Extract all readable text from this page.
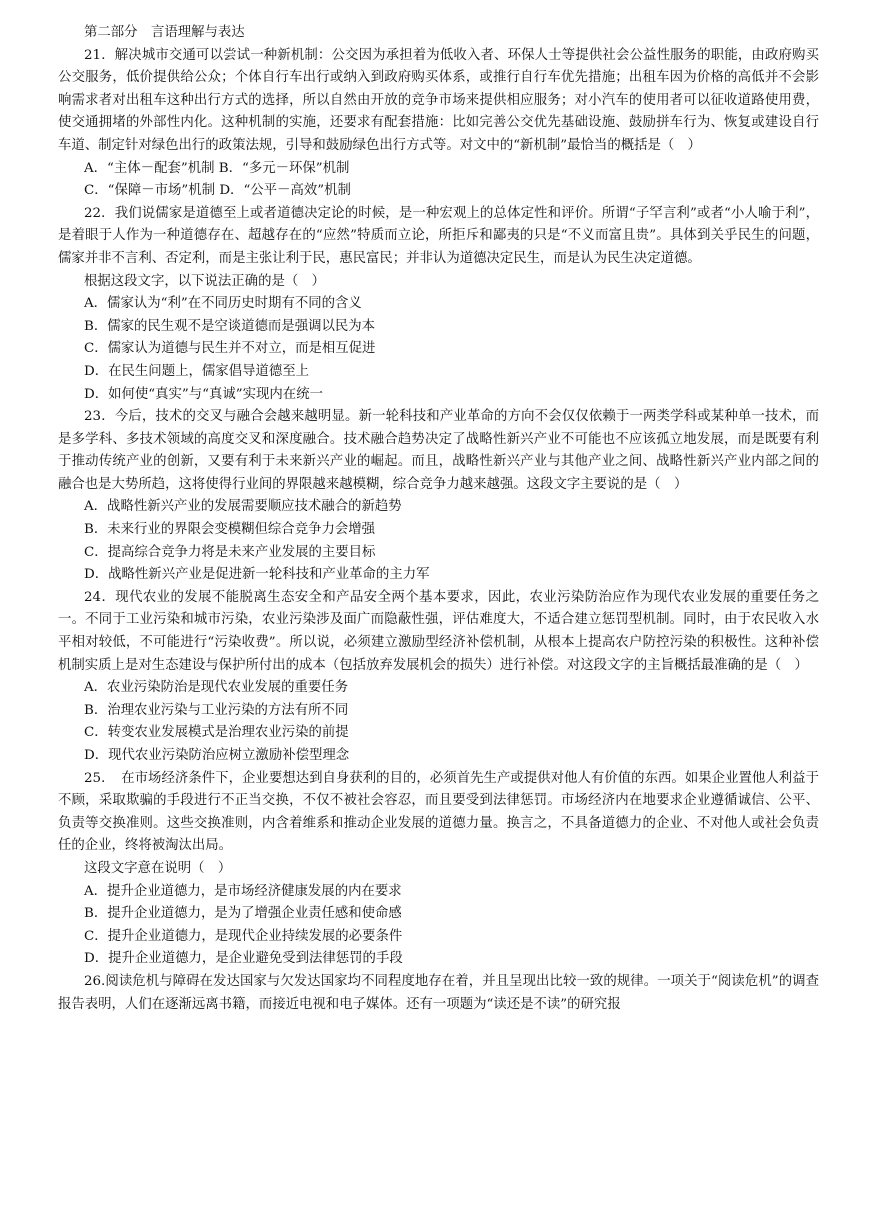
第二部分　言语理解与表达

21．解决城市交通可以尝试一种新机制：公交因为承担着为低收入者、环保人士等提供社会公益性服务的职能，由政府购买公交服务，低价提供给公众；个体自行车出行或纳入到政府购买体系，或推行自行车优先措施；出租车因为价格的高低并不会影响需求者对出租车这种出行方式的选择，所以自然由开放的竞争市场来提供相应服务；对小汽车的使用者可以征收道路使用费，使交通拥堵的外部性内化。这种机制的实施，还要求有配套措施：比如完善公交优先基础设施、鼓励拼车行为、恢复或建设自行车道、制定针对绿色出行的政策法规，引导和鼓励绿色出行方式等。对文中的“新机制”最恰当的概括是（　）

A．“主体－配套”机制 B．“多元－环保”机制
C．“保障－市场”机制 D．“公平－高效”机制

22．我们说儒家是道德至上或者道德决定论的时候，是一种宏观上的总体定性和评价。所谓“子罕言利”或者“小人喻于利”，是着眼于人作为一种道德存在、超越存在的“应然”特质而立论，所拒斥和鄙夷的只是“不义而富且贵”。具体到关乎民生的问题，儒家并非不言利、否定利，而是主张让利于民，惠民富民；并非认为道德决定民生，而是认为民生决定道德。

根据这段文字，以下说法正确的是（　）

A．儒家认为“利”在不同历史时期有不同的含义
B．儒家的民生观不是空谈道德而是强调以民为本
C．儒家认为道德与民生并不对立，而是相互促进
D．在民生问题上，儒家倡导道德至上
D．如何使“真实”与“真诚”实现内在统一

23．今后，技术的交叉与融合会越来越明显。新一轮科技和产业革命的方向不会仅仅依赖于一两类学科或某种单一技术，而是多学科、多技术领域的高度交叉和深度融合。技术融合趋势决定了战略性新兴产业不可能也不应该孤立地发展，而是既要有利于推动传统产业的创新，又要有利于未来新兴产业的崛起。而且，战略性新兴产业与其他产业之间、战略性新兴产业内部之间的融合也是大势所趋，这将使得行业间的界限越来越模糊，综合竞争力越来越强。这段文字主要说的是（　）

A．战略性新兴产业的发展需要顺应技术融合的新趋势
B．未来行业的界限会变模糊但综合竞争力会增强
C．提高综合竞争力将是未来产业发展的主要目标
D．战略性新兴产业是促进新一轮科技和产业革命的主力军

24．现代农业的发展不能脱离生态安全和产品安全两个基本要求，因此，农业污染防治应作为现代农业发展的重要任务之一。不同于工业污染和城市污染，农业污染涉及面广而隐蔽性强，评估难度大，不适合建立惩罚型机制。同时，由于农民收入水平相对较低，不可能进行“污染收费”。所以说，必须建立激励型经济补偿机制，从根本上提高农户防控污染的积极性。这种补偿机制实质上是对生态建设与保护所付出的成本（包括放弃发展机会的损失）进行补偿。对这段文字的主旨概括最准确的是（　）

A．农业污染防治是现代农业发展的重要任务
B．治理农业污染与工业污染的方法有所不同
C．转变农业发展模式是治理农业污染的前提
D．现代农业污染防治应树立激励补偿型理念

25．　在市场经济条件下，企业要想达到自身获利的目的，必须首先生产或提供对他人有价值的东西。如果企业置他人利益于不顾，采取欺骗的手段进行不正当交换，不仅不被社会容忍，而且要受到法律惩罚。市场经济内在地要求企业遵循诚信、公平、负责等交换准则。这些交换准则，内含着维系和推动企业发展的道德力量。换言之，不具备道德力的企业、不对他人或社会负责任的企业，终将被淘汰出局。

这段文字意在说明（　）

A．提升企业道德力，是市场经济健康发展的内在要求
B．提升企业道德力，是为了增强企业责任感和使命感
C．提升企业道德力，是现代企业持续发展的必要条件
D．提升企业道德力，是企业避免受到法律惩罚的手段

26.阅读危机与障碍在发达国家与欠发达国家均不同程度地存在着，并且呈现出比较一致的规律。一项关于“阅读危机”的调查报告表明，人们在逐渐远离书籍，而接近电视和电子媒体。还有一项题为“读还是不读”的研究报
